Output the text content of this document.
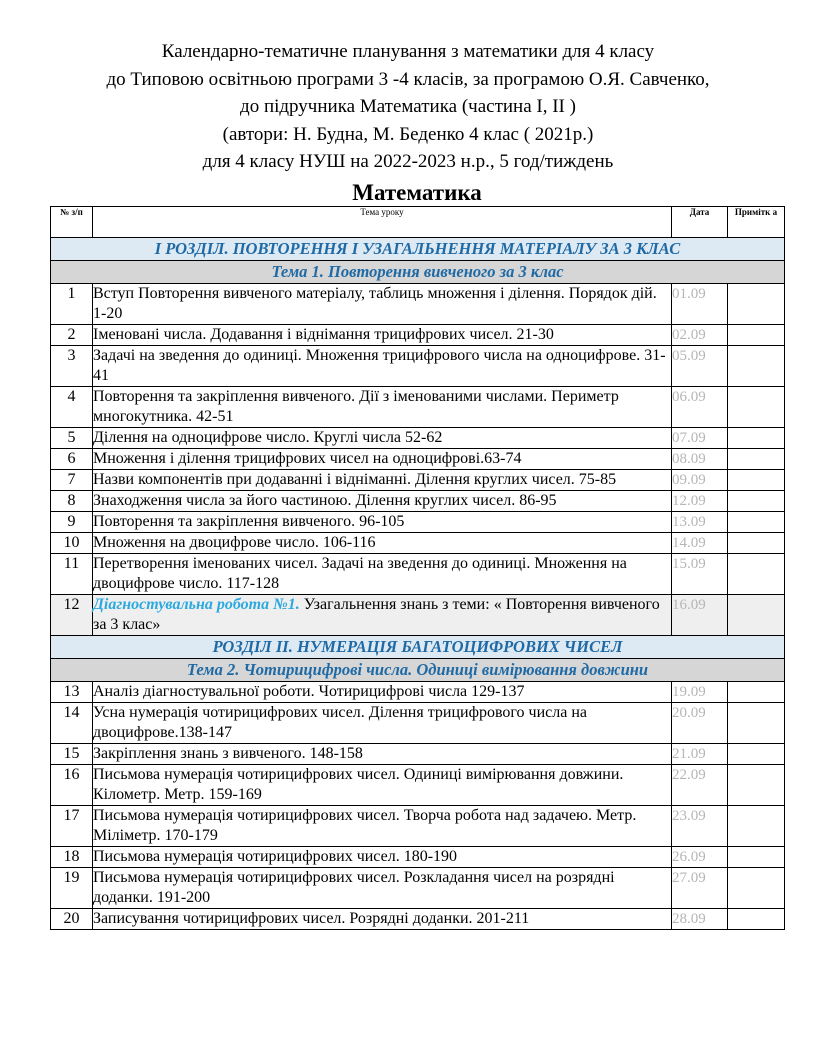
Календарно-тематичне планування з математики для 4 класу
до Типовою освітньою програми 3 -4 класів, за програмою О.Я. Савченко,
до підручника Математика (частина І, ІІ )
(автори: Н. Будна, М. Беденко 4 клас ( 2021р.)
для 4 класу НУШ на 2022-2023 н.р., 5 год/тиждень
Математика
№ з/п	Тема уроку	Дата	Примітк а
І РОЗДІЛ. ПОВТОРЕННЯ І УЗАГАЛЬНЕННЯ МАТЕРІАЛУ ЗА 3 КЛАС			
Тема 1. Повторення вивченого за 3 клас			
1	Вступ Повторення вивченого матеріалу, таблиць множення і ділення. Порядок дій. 1-20	01.09	
2	Іменовані числа. Додавання і віднімання трицифрових чисел. 21-30	02.09	
3	Задачі на зведення до одиниці. Множення трицифрового числа на одноцифрове. 31-41	05.09	
4	Повторення та закріплення вивченого. Дії з іменованими числами. Периметр многокутника. 42-51	06.09	
5	Ділення на одноцифрове число. Круглі числа 52-62	07.09	
6	Множення і ділення трицифрових чисел на одноцифрові.63-74	08.09	
7	Назви компонентів при додаванні і відніманні. Ділення круглих чисел. 75-85	09.09	
8	Знаходження числа за його частиною. Ділення круглих чисел. 86-95	12.09	
9	Повторення та закріплення вивченого. 96-105	13.09	
10	Множення на двоцифрове число. 106-116	14.09	
11	Перетворення іменованих чисел. Задачі на зведення до одиниці. Множення на двоцифрове число. 117-128	15.09	
12	Діагностувальна робота №1. Узагальнення знань з теми: « Повторення вивченого за 3 клас»	16.09	
РОЗДІЛ ІІ. НУМЕРАЦІЯ БАГАТОЦИФРОВИХ ЧИСЕЛ			
Тема 2. Чотирицифрові числа. Одиниці вимірювання довжини			
13	Аналіз діагностувальної роботи. Чотирицифрові числа 129-137	19.09	
14	Усна нумерація чотирицифрових чисел. Ділення трицифрового числа на двоцифрове.138-147	20.09	
15	Закріплення знань з вивченого. 148-158	21.09	
16	Письмова нумерація чотирицифрових чисел. Одиниці вимірювання довжини. Кілометр. Метр. 159-169	22.09	
17	Письмова нумерація чотирицифрових чисел. Творча робота над задачею. Метр. Міліметр. 170-179	23.09	
18	Письмова нумерація чотирицифрових чисел. 180-190	26.09	
19	Письмова нумерація чотирицифрових чисел. Розкладання чисел на розрядні доданки. 191-200	27.09	
20	Записування чотирицифрових чисел. Розрядні доданки. 201-211	28.09	
